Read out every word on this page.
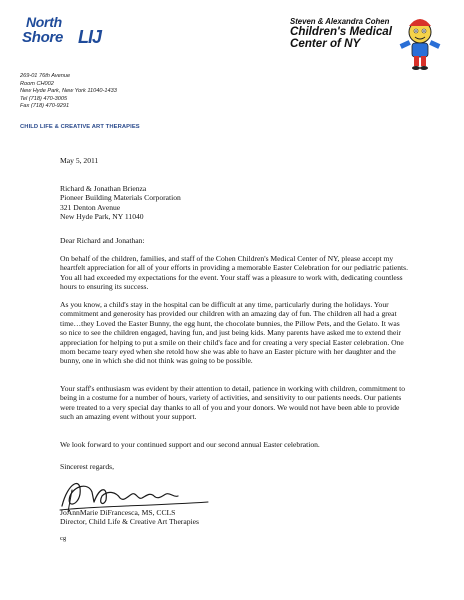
North
Shore LIJ
Steven & Alexandra Cohen
Children's Medical
Center of NY
269-01 76th Avenue
Room CH002
New Hyde Park, New York 11040-1433
Tel (718) 470-3005
Fax (718) 470-9291
CHILD LIFE & CREATIVE ART THERAPIES
May 5, 2011
Richard & Jonathan Brienza
Pioneer Building Materials Corporation
321 Denton Avenue
New Hyde Park, NY 11040
Dear Richard and Jonathan:
On behalf of the children, families, and staff of the Cohen Children's Medical Center of NY, please accept my heartfelt appreciation for all of your efforts in providing a memorable Easter Celebration for our pediatric patients. You all had exceeded my expectations for the event. Your staff was a pleasure to work with, dedicating countless hours to ensuring its success.
As you know, a child's stay in the hospital can be difficult at any time, particularly during the holidays. Your commitment and generosity has provided our children with an amazing day of fun. The children all had a great time…they Loved the Easter Bunny, the egg hunt, the chocolate bunnies, the Pillow Pets, and the Gelato. It was so nice to see the children engaged, having fun, and just being kids. Many parents have asked me to extend their appreciation for helping to put a smile on their child's face and for creating a very special Easter celebration. One mom became teary eyed when she retold how she was able to have an Easter picture with her daughter and the bunny, one in which she did not think was going to be possible.
Your staff's enthusiasm was evident by their attention to detail, patience in working with children, commitment to being in a costume for a number of hours, variety of activities, and sensitivity to our patients needs. Our patients were treated to a very special day thanks to all of you and your donors. We would not have been able to provide such an amazing event without your support.
We look forward to your continued support and our second annual Easter celebration.
Sincerest regards,
JoAnnMarie DiFrancesca, MS, CCLS
Director, Child Life & Creative Art Therapies
cg
